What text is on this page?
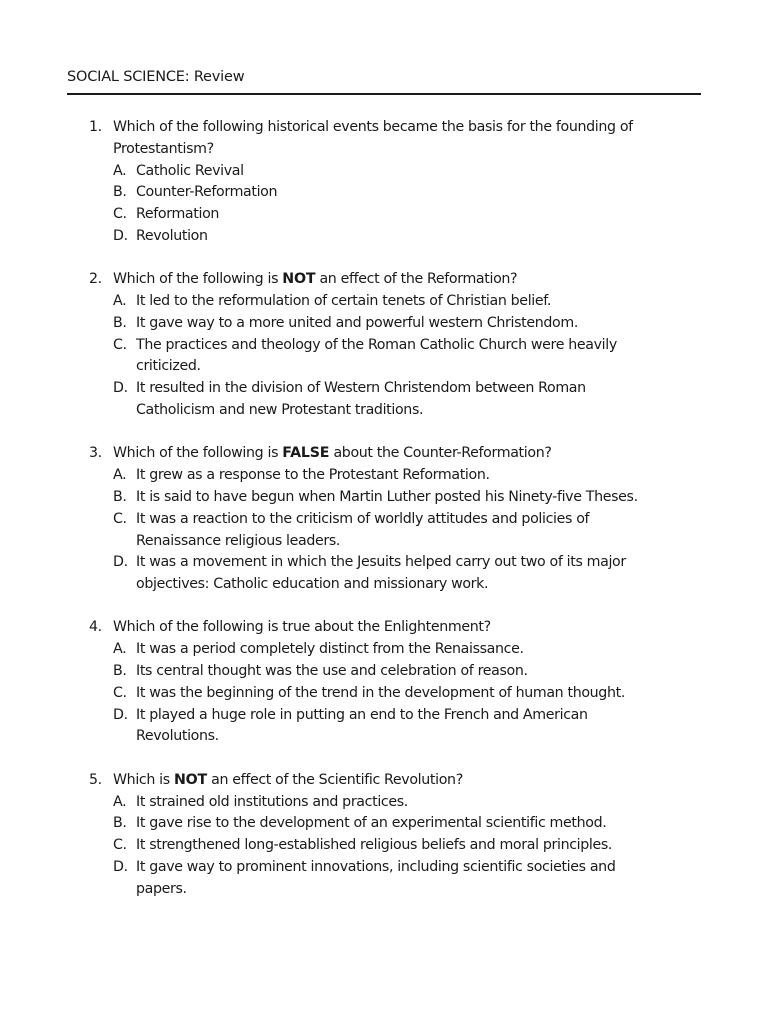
SOCIAL SCIENCE: Review
1. Which of the following historical events became the basis for the founding of
Protestantism?
A. Catholic Revival
B. Counter-Reformation
C. Reformation
D. Revolution
2. Which of the following is NOT an effect of the Reformation?
A. It led to the reformulation of certain tenets of Christian belief.
B. It gave way to a more united and powerful western Christendom.
C. The practices and theology of the Roman Catholic Church were heavily
criticized.
D. It resulted in the division of Western Christendom between Roman
Catholicism and new Protestant traditions.
3. Which of the following is FALSE about the Counter-Reformation?
A. It grew as a response to the Protestant Reformation.
B. It is said to have begun when Martin Luther posted his Ninety-five Theses.
C. It was a reaction to the criticism of worldly attitudes and policies of
Renaissance religious leaders.
D. It was a movement in which the Jesuits helped carry out two of its major
objectives: Catholic education and missionary work.
4. Which of the following is true about the Enlightenment?
A. It was a period completely distinct from the Renaissance.
B. Its central thought was the use and celebration of reason.
C. It was the beginning of the trend in the development of human thought.
D. It played a huge role in putting an end to the French and American
Revolutions.
5. Which is NOT an effect of the Scientific Revolution?
A. It strained old institutions and practices.
B. It gave rise to the development of an experimental scientific method.
C. It strengthened long-established religious beliefs and moral principles.
D. It gave way to prominent innovations, including scientific societies and
papers.
